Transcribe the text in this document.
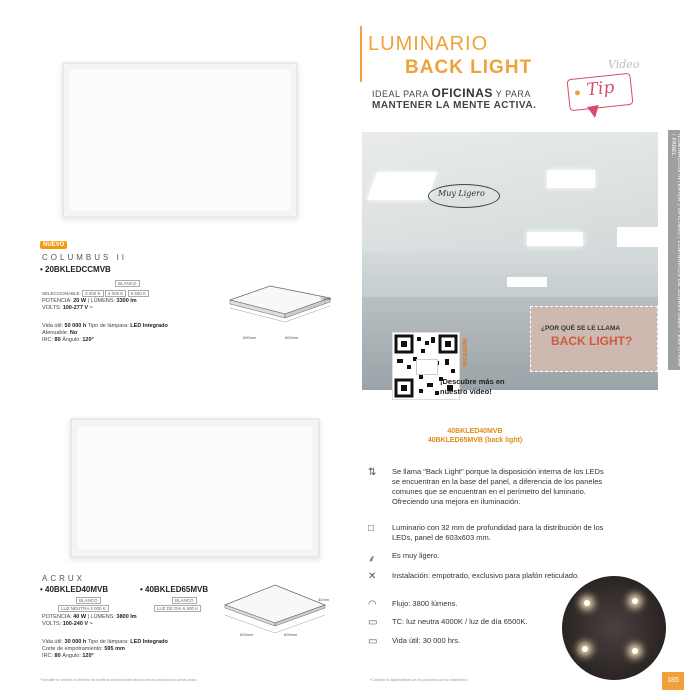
NUEVO
COLUMBUS II
• 20BKLEDCCMVB
BLANCO
SELECCIONABLE: 3 000 K 4 000 K 6 500 K
POTENCIA: 20 W | LÚMENS: 3300 lm
VOLTS: 100-277 V ~
Vida útil: 50 000 h Tipo de lámpara: LED Integrado
Atenuable: No
IRC: 80 Ángulo: 120°
75mm
600mm	600mm
ACRUX
• 40BKLED40MVB	• 40BKLED65MVB
BLANCO	BLANCO
LUZ NEUTRA 4 000 K	LUZ DE DÍA 6 500 K
POTENCIA: 40 W | LÚMENS: 3800 lm
VOLTS: 100-240 V ~
Vida útil: 30 000 h Tipo de lámpara: LED Integrado
Corte de empotramiento: 595 mm
IRC: 80 Ángulo: 120°
32mm
600mm	600mm
LUMINARIO
BACK LIGHT
IDEAL PARA OFICINAS Y PARA
MANTENER LA MENTE ACTIVA.
Video
Tip
Muy Ligero
¿POR QUÉ SE LE LLAMA
BACK LIGHT?
tecnolite
¡Descubre más en nuestro video!
ILUMINACIÓN INTERIOR | OFICINAS | LUMINARIOS DE SOBREPONER / EMPOTRAR / PANEL
40BKLED40MVB
40BKLED65MVB (back light)
⇅	Se llama "Back Light" porque la disposición interna de los LEDs se encuentran en la base del panel, a diferencia de los paneles comunes que se encuentran en el perímetro del luminario. Ofreciendo una mejora en iluminación.
□	Luminario con 32 mm de profundidad para la distribución de los LEDs, panel de 603x603 mm.
⸙	Es muy ligero.
✕	Instalación: empotrado, exclusivo para plafón reticulado.
◠	Flujo: 3800 lúmens.
▭	TC: luz neutra 4000K / luz de día 6500K.
▭	Vida útil: 30 000 hrs.
185
*Tecnolite se reserva el derecho de modificar la información técnica de los productos sin previo aviso.	*Consulte la disponibilidad de los productos con su distribuidor.
